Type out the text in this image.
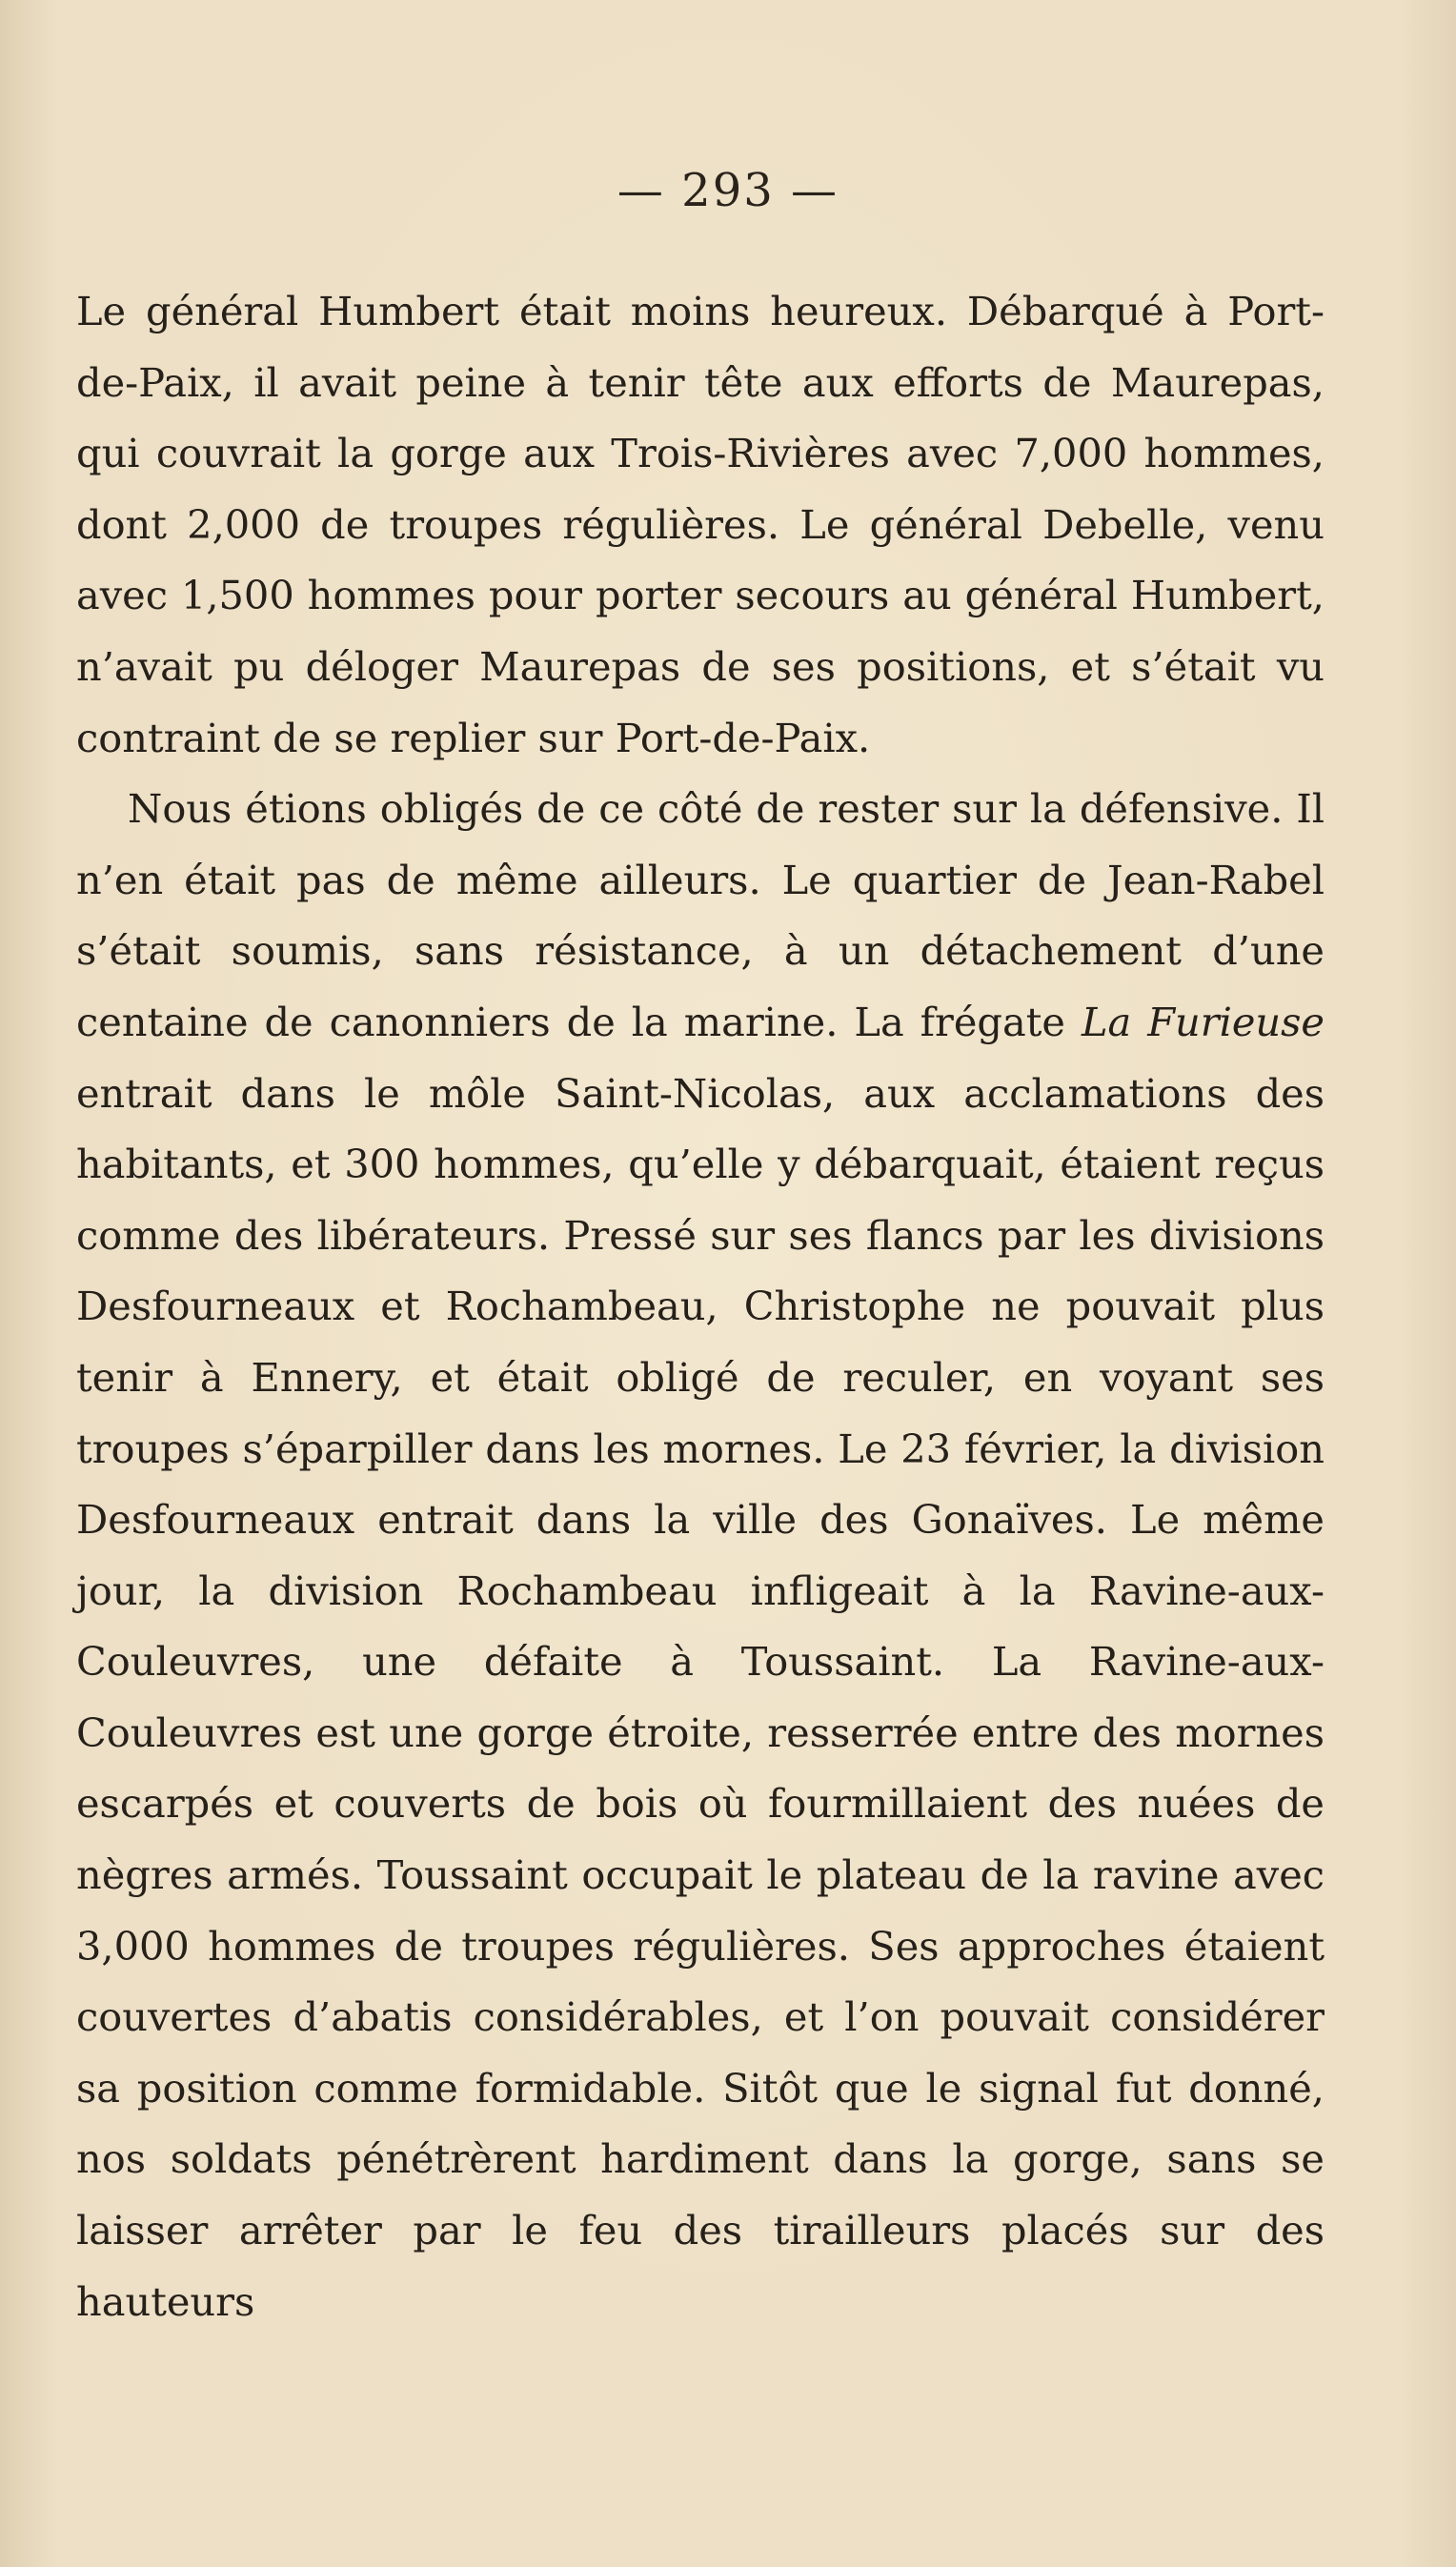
— 293 —

Le général Humbert était moins heureux. Débarqué à Port-de-Paix, il avait peine à tenir tête aux efforts de Maurepas, qui couvrait la gorge aux Trois-Rivières avec 7,000 hommes, dont 2,000 de troupes régulières. Le général Debelle, venu avec 1,500 hommes pour porter secours au général Humbert, n’avait pu déloger Maurepas de ses positions, et s’était vu contraint de se replier sur Port-de-Paix.

Nous étions obligés de ce côté de rester sur la défensive. Il n’en était pas de même ailleurs. Le quartier de Jean-Rabel s’était soumis, sans résistance, à un détachement d’une centaine de canonniers de la marine. La frégate La Furieuse entrait dans le môle Saint-Nicolas, aux acclamations des habitants, et 300 hommes, qu’elle y débarquait, étaient reçus comme des libérateurs. Pressé sur ses flancs par les divisions Desfourneaux et Rochambeau, Christophe ne pouvait plus tenir à Ennery, et était obligé de reculer, en voyant ses troupes s’éparpiller dans les mornes. Le 23 février, la division Desfourneaux entrait dans la ville des Gonaïves. Le même jour, la division Rochambeau infligeait à la Ravine-aux-Couleuvres, une défaite à Toussaint. La Ravine-aux-Couleuvres est une gorge étroite, resserrée entre des mornes escarpés et couverts de bois où fourmillaient des nuées de nègres armés. Toussaint occupait le plateau de la ravine avec 3,000 hommes de troupes régulières. Ses approches étaient couvertes d’abatis considérables, et l’on pouvait considérer sa position comme formidable. Sitôt que le signal fut donné, nos soldats pénétrèrent hardiment dans la gorge, sans se laisser arrêter par le feu des tirailleurs placés sur des hauteurs
